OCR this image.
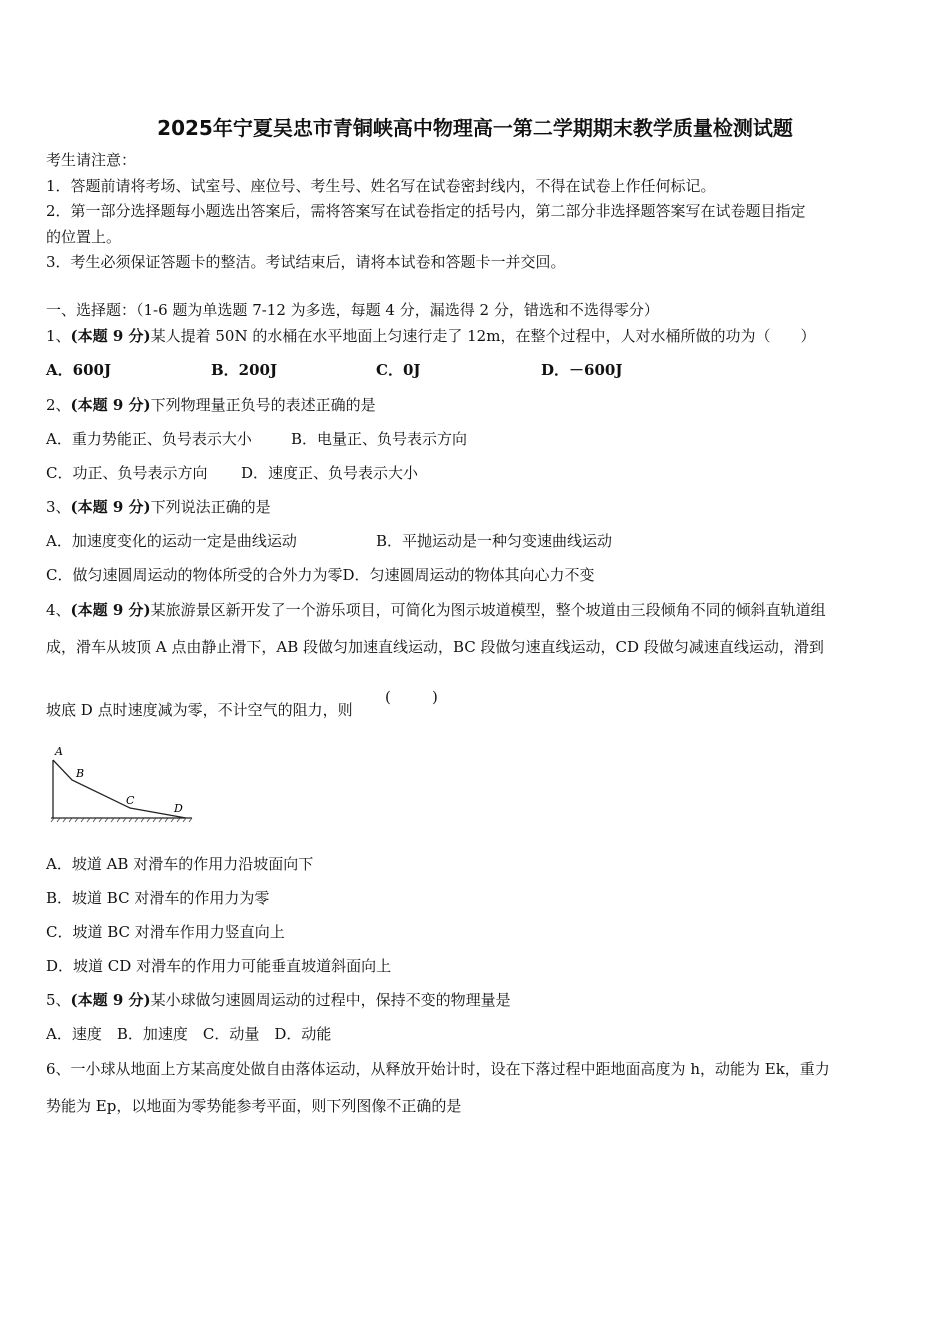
2025年宁夏吴忠市青铜峡高中物理高一第二学期期末教学质量检测试题
考生请注意：
1．答题前请将考场、试室号、座位号、考生号、姓名写在试卷密封线内，不得在试卷上作任何标记。
2．第一部分选择题每小题选出答案后，需将答案写在试卷指定的括号内，第二部分非选择题答案写在试卷题目指定
的位置上。
3．考生必须保证答题卡的整洁。考试结束后，请将本试卷和答题卡一并交回。
一、选择题：（1-6 题为单选题 7-12 为多选，每题 4 分，漏选得 2 分，错选和不选得零分）
1、(本题 9 分)某人提着 50N 的水桶在水平地面上匀速行走了 12m，在整个过程中，人对水桶所做的功为（　　）
A．600J	B．200J	C．0J	D．－600J
2、(本题 9 分)下列物理量正负号的表述正确的是
A．重力势能正、负号表示大小	B．电量正、负号表示方向
C．功正、负号表示方向 D．速度正、负号表示大小
3、(本题 9 分)下列说法正确的是
A．加速度变化的运动一定是曲线运动	B．平抛运动是一种匀变速曲线运动
C．做匀速圆周运动的物体所受的合外力为零D．匀速圆周运动的物体其向心力不变
4、(本题 9 分)某旅游景区新开发了一个游乐项目，可简化为图示坡道模型，整个坡道由三段倾角不同的倾斜直轨道组
成，滑车从坡顶 A 点由静止滑下，AB 段做匀加速直线运动，BC 段做匀速直线运动，CD 段做匀减速直线运动，滑到
坡底 D 点时速度减为零，不计空气的阻力，则
(	)
A
B
C
D
A．坡道 AB 对滑车的作用力沿坡面向下
B．坡道 BC 对滑车的作用力为零
C．坡道 BC 对滑车作用力竖直向上
D．坡道 CD 对滑车的作用力可能垂直坡道斜面向上
5、(本题 9 分)某小球做匀速圆周运动的过程中，保持不变的物理量是
A．速度　B．加速度　C．动量　D．动能
6、一小球从地面上方某高度处做自由落体运动，从释放开始计时，设在下落过程中距地面高度为 h，动能为 Ek，重力
势能为 Ep，以地面为零势能参考平面，则下列图像不正确的是
